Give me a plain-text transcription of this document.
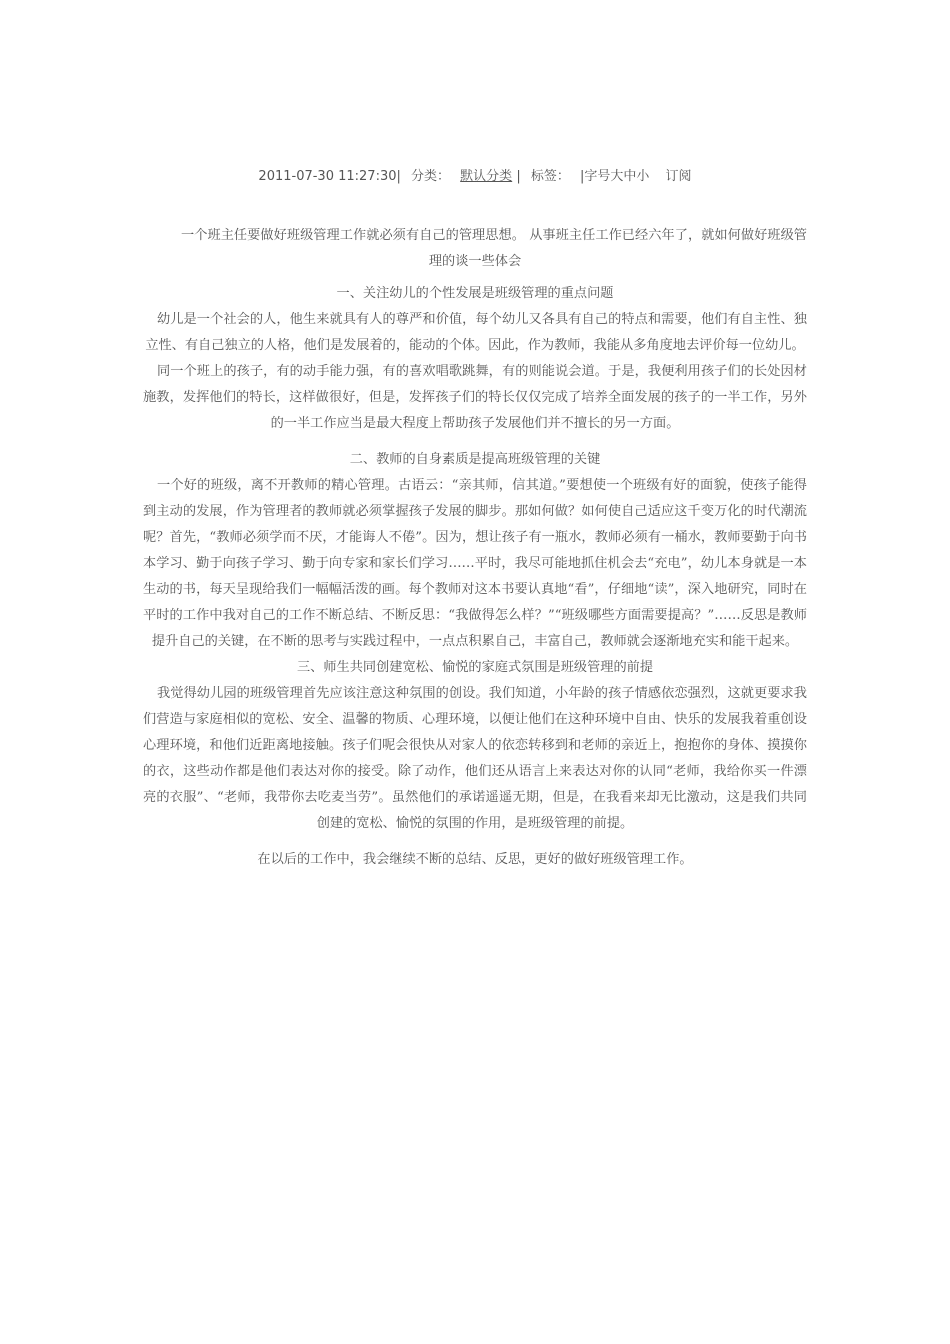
2011-07-30 11:27:30| 分类： 默认分类 | 标签： |字号大中小 订阅

一个班主任要做好班级管理工作就必须有自己的管理思想。 从事班主任工作已经六年了，就如何做好班级管理的谈一些体会

一、关注幼儿的个性发展是班级管理的重点问题

幼儿是一个社会的人，他生来就具有人的尊严和价值，每个幼儿又各具有自己的特点和需要，他们有自主性、独立性、有自己独立的人格，他们是发展着的，能动的个体。因此，作为教师，我能从多角度地去评价每一位幼儿。

同一个班上的孩子，有的动手能力强，有的喜欢唱歌跳舞，有的则能说会道。于是，我便利用孩子们的长处因材施教，发挥他们的特长，这样做很好，但是，发挥孩子们的特长仅仅完成了培养全面发展的孩子的一半工作，另外的一半工作应当是最大程度上帮助孩子发展他们并不擅长的另一方面。

二、教师的自身素质是提高班级管理的关键

一个好的班级，离不开教师的精心管理。古语云：“亲其师，信其道。”要想使一个班级有好的面貌，使孩子能得到主动的发展，作为管理者的教师就必须掌握孩子发展的脚步。那如何做？如何使自己适应这千变万化的时代潮流呢？首先，“教师必须学而不厌，才能诲人不倦”。因为，想让孩子有一瓶水，教师必须有一桶水，教师要勤于向书本学习、勤于向孩子学习、勤于向专家和家长们学习……平时，我尽可能地抓住机会去“充电”，幼儿本身就是一本生动的书，每天呈现给我们一幅幅活泼的画。每个教师对这本书要认真地“看”，仔细地“读”，深入地研究，同时在平时的工作中我对自己的工作不断总结、不断反思：“我做得怎么样？”“班级哪些方面需要提高？”……反思是教师提升自己的关键，在不断的思考与实践过程中，一点点积累自己，丰富自己，教师就会逐渐地充实和能干起来。

三、师生共同创建宽松、愉悦的家庭式氛围是班级管理的前提

我觉得幼儿园的班级管理首先应该注意这种氛围的创设。我们知道，小年龄的孩子情感依恋强烈，这就更要求我们营造与家庭相似的宽松、安全、温馨的物质、心理环境，以便让他们在这种环境中自由、快乐的发展我着重创设心理环境，和他们近距离地接触。孩子们呢会很快从对家人的依恋转移到和老师的亲近上，抱抱你的身体、摸摸你的衣，这些动作都是他们表达对你的接受。除了动作，他们还从语言上来表达对你的认同“老师，我给你买一件漂亮的衣服”、“老师，我带你去吃麦当劳”。虽然他们的承诺遥遥无期，但是，在我看来却无比激动，这是我们共同创建的宽松、愉悦的氛围的作用，是班级管理的前提。

在以后的工作中，我会继续不断的总结、反思，更好的做好班级管理工作。
